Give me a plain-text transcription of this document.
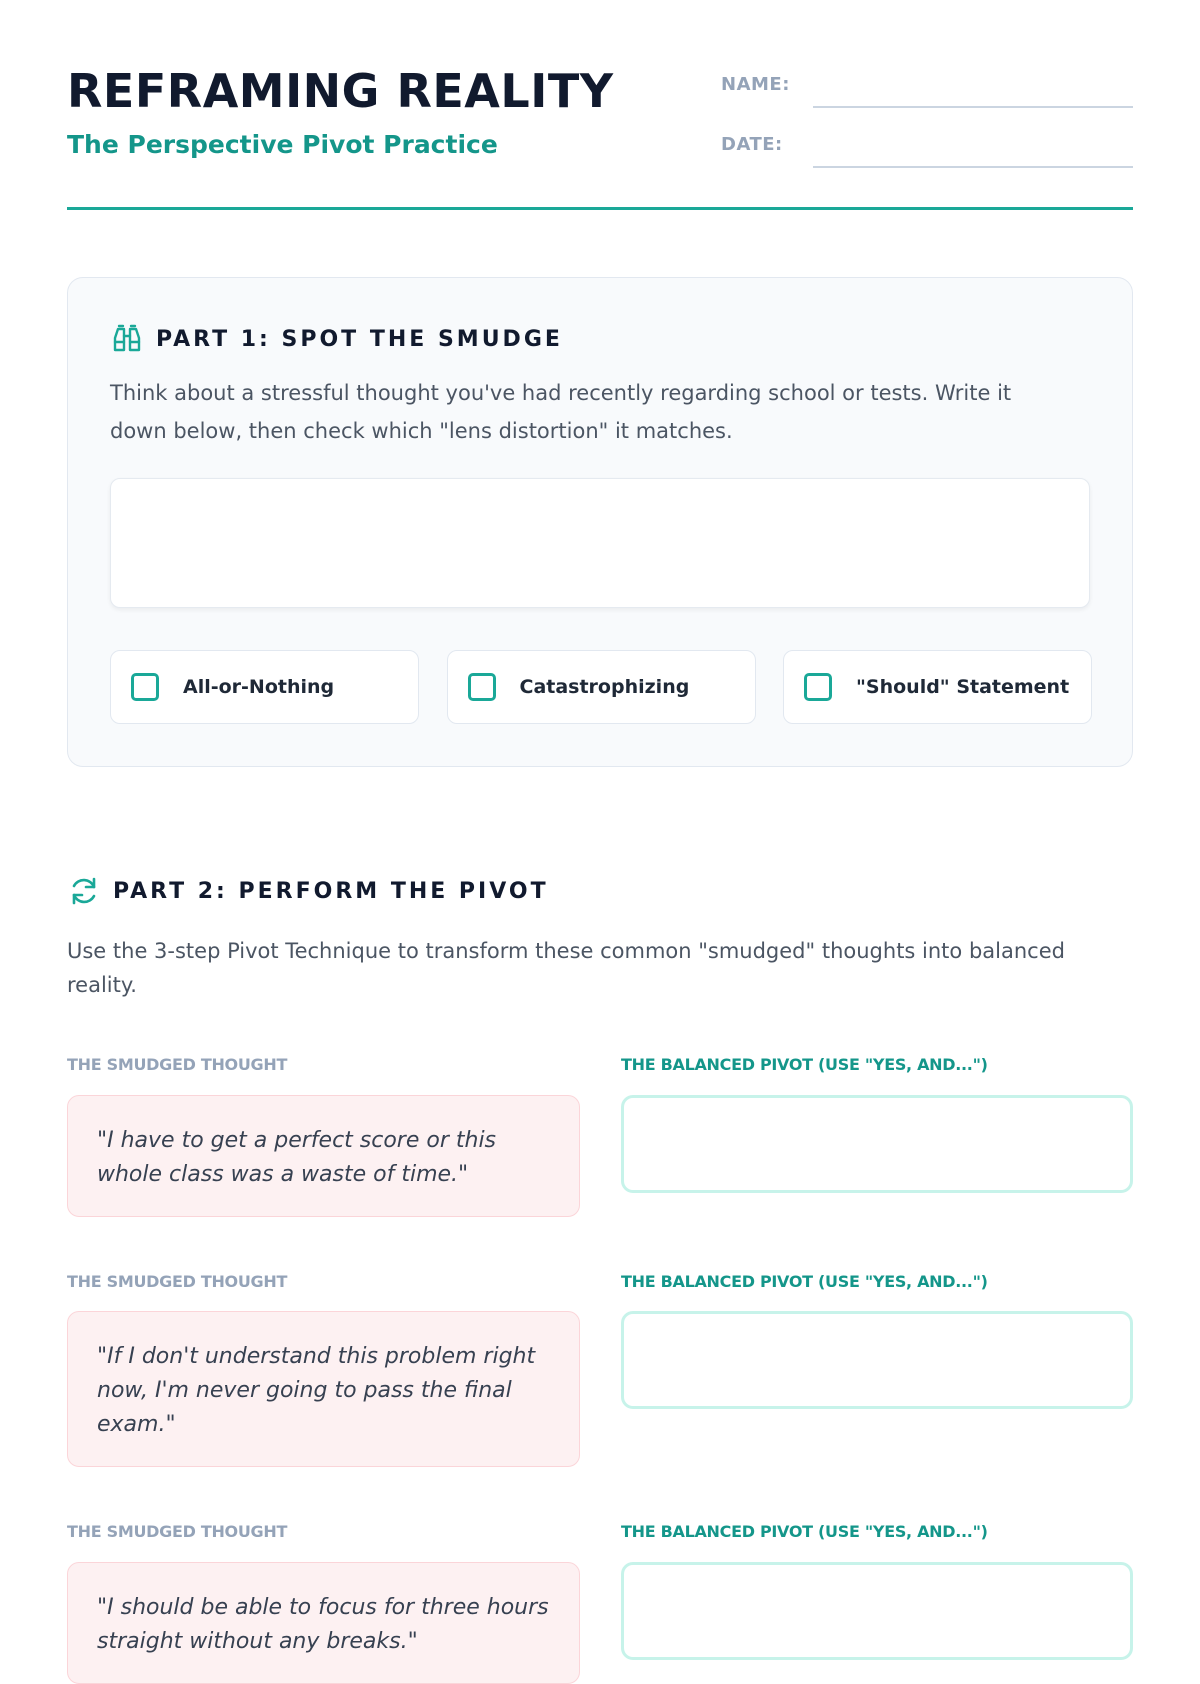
REFRAMING REALITY
The Perspective Pivot Practice
NAME:
DATE:
PART 1: SPOT THE SMUDGE

Think about a stressful thought you've had recently regarding school or tests. Write it down below, then check which "lens distortion" it matches.

All-or-Nothing	Catastrophizing	"Should" Statement
PART 2: PERFORM THE PIVOT

Use the 3-step Pivot Technique to transform these common "smudged" thoughts into balanced reality.

THE SMUDGED THOUGHT	THE BALANCED PIVOT (USE "YES, AND...")

"I have to get a perfect score or this whole class was a waste of time."

THE SMUDGED THOUGHT	THE BALANCED PIVOT (USE "YES, AND...")

"If I don't understand this problem right now, I'm never going to pass the final exam."

THE SMUDGED THOUGHT	THE BALANCED PIVOT (USE "YES, AND...")

"I should be able to focus for three hours straight without any breaks."
